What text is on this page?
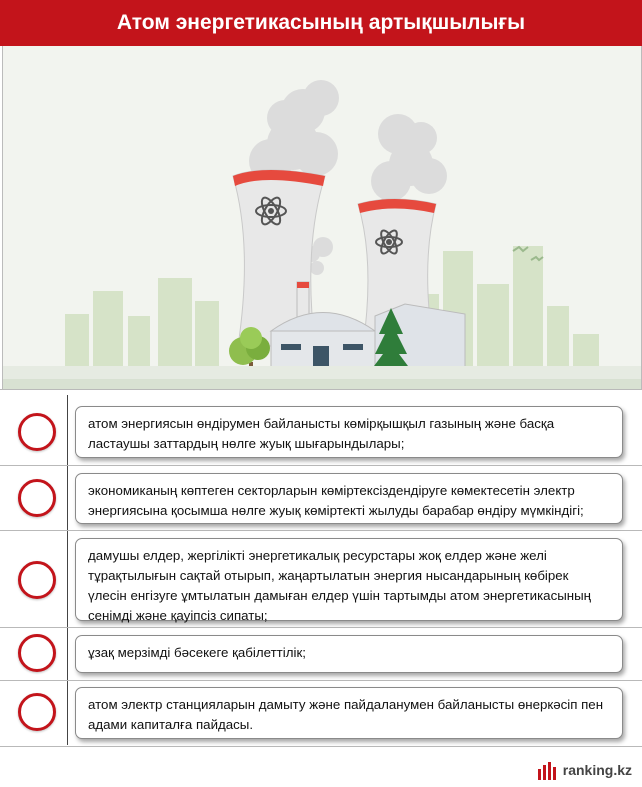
Атом энергетикасының артықшылығы
атом энергиясын өндірумен байланысты көмірқышқыл газының және басқа ластаушы заттардың нөлге жуық шығарындылары;
экономиканың көптеген секторларын көміртексіздендіруге көмектесетін электр энергиясына қосымша нөлге жуық көміртекті жылуды барабар өндіру мүмкіндігі;
дамушы елдер, жергілікті энергетикалық ресурстары жоқ елдер және желі тұрақтылығын сақтай отырып, жаңартылатын энергия нысандарының көбірек үлесін енгізуге ұмтылатын дамыған елдер үшін тартымды атом энергетикасының сенімді және қауіпсіз сипаты;
ұзақ мерзімді бәсекеге қабілеттілік;
атом электр станцияларын дамыту және пайдаланумен байланысты өнеркәсіп пен адами капиталға пайдасы.
ranking.kz
